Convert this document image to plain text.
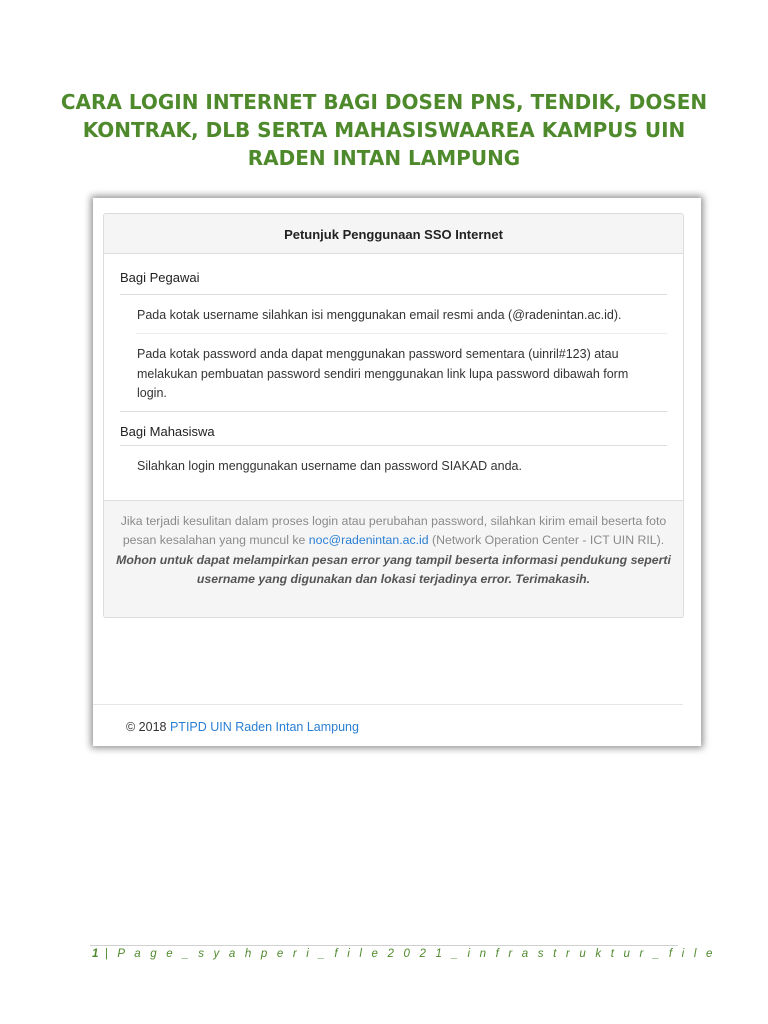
CARA LOGIN INTERNET BAGI DOSEN PNS, TENDIK, DOSEN
KONTRAK, DLB SERTA MAHASISWAAREA KAMPUS UIN
RADEN INTAN LAMPUNG
Petunjuk Penggunaan SSO Internet
Bagi Pegawai
Pada kotak username silahkan isi menggunakan email resmi anda (@radenintan.ac.id).
Pada kotak password anda dapat menggunakan password sementara (uinril#123) atau melakukan pembuatan password sendiri menggunakan link lupa password dibawah form login.
Bagi Mahasiswa
Silahkan login menggunakan username dan password SIAKAD anda.
Jika terjadi kesulitan dalam proses login atau perubahan password, silahkan kirim email beserta foto pesan kesalahan yang muncul ke noc@radenintan.ac.id (Network Operation Center - ICT UIN RIL).
Mohon untuk dapat melampirkan pesan error yang tampil beserta informasi pendukung seperti username yang digunakan dan lokasi terjadinya error. Terimakasih.
© 2018 PTIPD UIN Raden Intan Lampung
1 | P a g e _ s y a h p e r i _ f i l e 2 0 2 1 _ i n f r a s t r u k t u r _ f i l e
